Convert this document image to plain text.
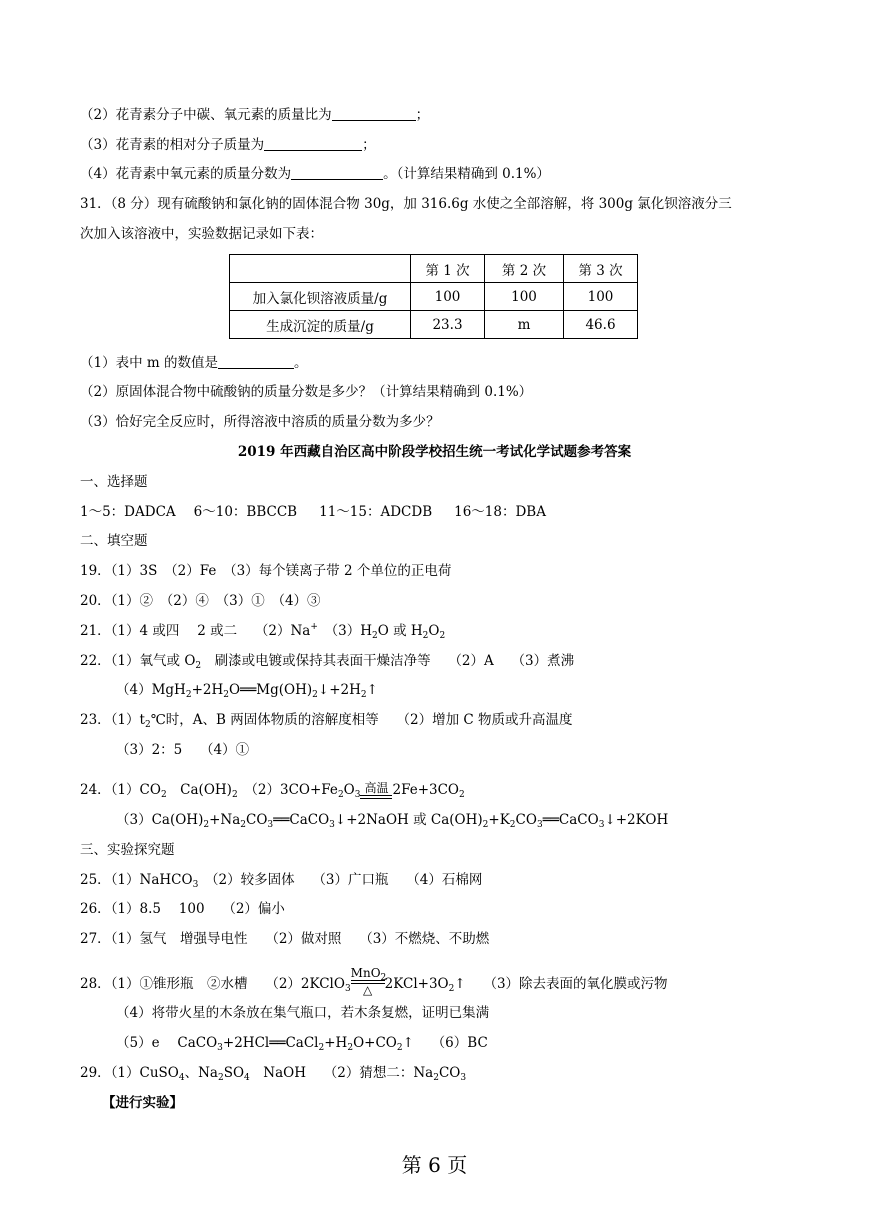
（2）花青素分子中碳、氧元素的质量比为	；
（3）花青素的相对分子质量为	；
（4）花青素中氧元素的质量分数为	。（计算结果精确到 0.1%）
31．（8 分）现有硫酸钠和氯化钠的固体混合物 30g，加 316.6g 水使之全部溶解，将 300g 氯化钡溶液分三
次加入该溶液中，实验数据记录如下表：
	第 1 次	第 2 次	第 3 次
加入氯化钡溶液质量/g	100	100	100
生成沉淀的质量/g	23.3	m	46.6
（1）表中 m 的数值是	。
（2）原固体混合物中硫酸钠的质量分数是多少？（计算结果精确到 0.1%）
（3）恰好完全反应时，所得溶液中溶质的质量分数为多少？
2019 年西藏自治区高中阶段学校招生统一考试化学试题参考答案
一、选择题
1～5：DADCA 6～10：BBCCB 11～15：ADCDB 16～18：DBA
二、填空题
19．（1）3S　（2）Fe　（3）每个镁离子带 2 个单位的正电荷
20．（1）②　（2）④　（3）①　（4）③
21．（1）4 或四　 2 或二　 （2）Na+　$(3)H_2O$ 或 $H_2O_2$
22．（1）氧气或 $O_2$　刷漆或电镀或保持其表面干燥洁净等　 （2）A　 （3）煮沸
$(4)MgH_2+2H_2O══Mg(OH)_2↓+2H_2↑$
23．$(1)t_2℃$时，A、B 两固体物质的溶解度相等　 （2）增加 C 物质或升高温度
（3）2：5　 （4）①
24．$(1)CO_2$　$Ca(OH)_2$　$(2)3CO+Fe_2O_3$ 高温 $2Fe+3CO_2$
$(3)Ca(OH)_2+Na_2CO_3══CaCO_3↓+2NaOH$ 或 $Ca(OH)_2+K_2CO_3══CaCO_3↓+2KOH$
三、实验探究题
25．（1）NaHCO$_3$　（2）较多固体　 （3）广口瓶　 （4）石棉网
26．（1）8.5　 100　 （2）偏小
27．（1）氢气　增强导电性　 （2）做对照　 （3）不燃烧、不助燃
28．（1）①锥形瓶　②水槽　 （2）2KClO$_3$
MnO$_2$
△ $2KCl+3O_2↑$　 （3）除去表面的氧化膜或污物
（4）将带火星的木条放在集气瓶口，若木条复燃，证明已集满
（5）e　 $CaCO_3+2HCl══CaCl_2+H_2O+CO_2↑$　 （6）BC
29．（1）CuSO$_4$、$Na_2SO_4$　NaOH　 （2）猜想二：$Na_2CO_3$
【进行实验】
第 6 页
